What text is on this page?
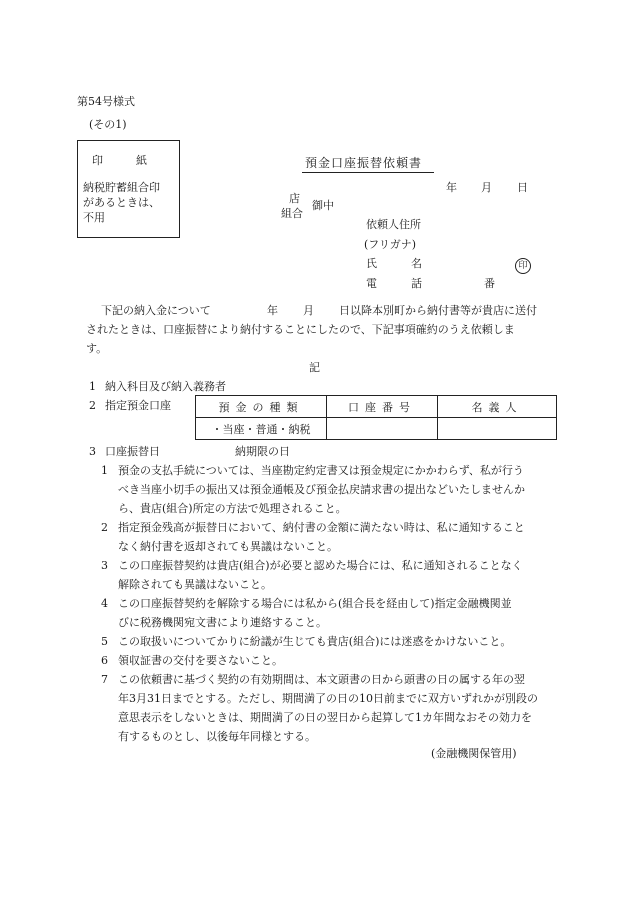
第54号様式
(その1)
印　　　紙
納税貯蓄組合印
があるときは、
不用
預金口座振替依頼書
年 月 日
店
組合
御中
依頼人住所
(フリガナ)
氏	名	印
電	話	番
下記の納入金について	年 月 日以降本別町から納付書等が貴店に送付
されたときは、口座振替により納付することにしたので、下記事項確約のうえ依頼しま
す。
記
1 納入科目及び納入義務者
2 指定預金口座	預金の種類	口座番号	名義人
・当座・普通・納税		
3 口座振替日	納期限の日
1 預金の支払手続については、当座勘定約定書又は預金規定にかかわらず、私が行う
べき当座小切手の振出又は預金通帳及び預金払戻請求書の提出などいたしませんか
ら、貴店(組合)所定の方法で処理されること。
2 指定預金残高が振替日において、納付書の金額に満たない時は、私に通知すること
なく納付書を返却されても異議はないこと。
3 この口座振替契約は貴店(組合)が必要と認めた場合には、私に通知されることなく
解除されても異議はないこと。
4 この口座振替契約を解除する場合には私から(組合長を経由して)指定金融機関並
びに税務機関宛文書により連絡すること。
5 この取扱いについてかりに紛議が生じても貴店(組合)には迷惑をかけないこと。
6 領収証書の交付を要さないこと。
7 この依頼書に基づく契約の有効期間は、本文頭書の日から頭書の日の属する年の翌
年3月31日までとする。ただし、期間満了の日の10日前までに双方いずれかが別段の
意思表示をしないときは、期間満了の日の翌日から起算して1カ年間なおその効力を
有するものとし、以後毎年同様とする。
(金融機関保管用)
